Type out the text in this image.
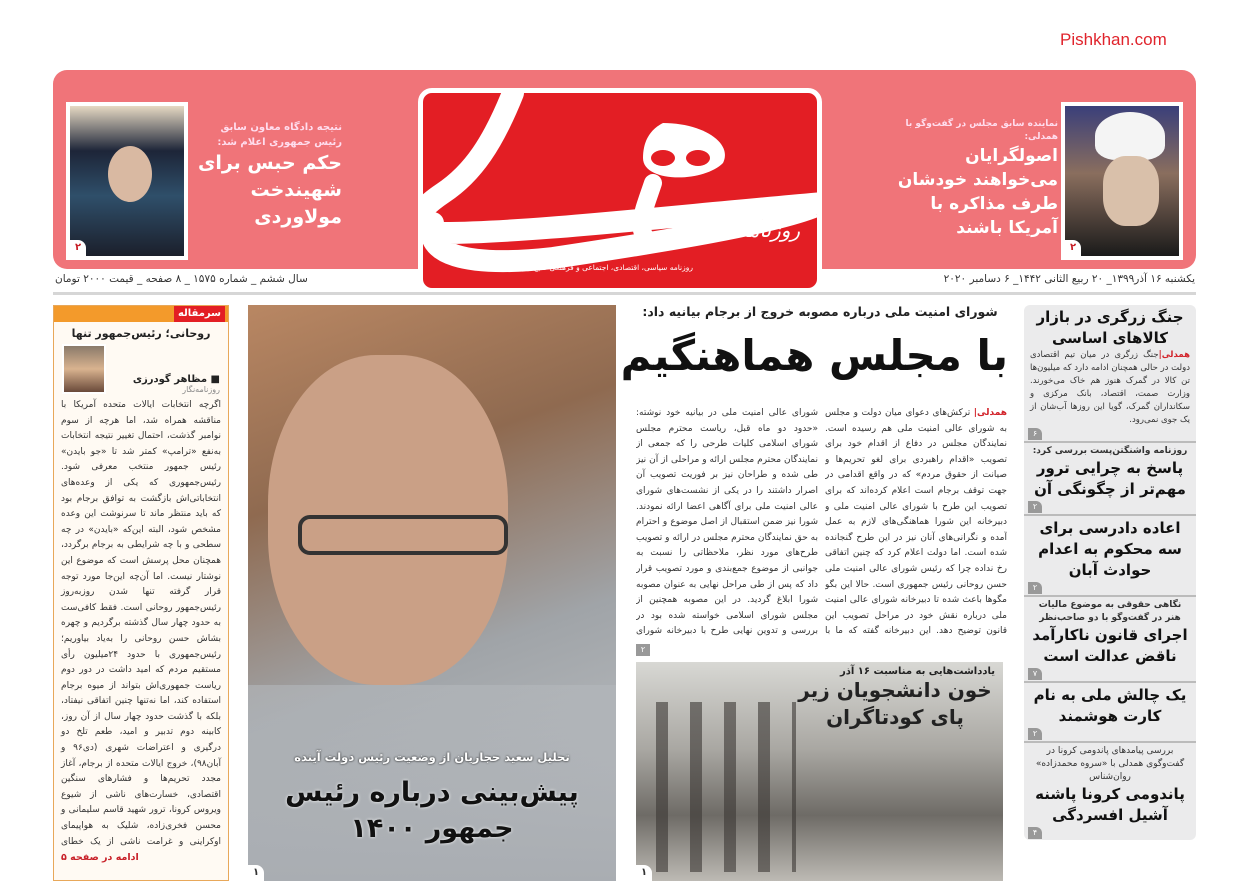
۲
نتیجه دادگاه معاون سابق رئیس جمهوری اعلام شد:
حکم حبس برای شهیندخت مولاوردی
روزنامه
روزنامه سیاسی، اقتصادی، اجتماعی و فرهنگی صبح ایران
نماینده سابق مجلس در گفت‌وگو با همدلی:
اصولگرایان می‌خواهند خودشان طرف مذاکره با آمریکا باشند
۲
سال ششم _ شماره ۱۵۷۵ _ ۸ صفحه _ قیمت ۲۰۰۰ تومان	یکشنبه ۱۶ آذر۱۳۹۹_ ۲۰ ربیع الثانی ۱۴۴۲_ ۶ دسامبر ۲۰۲۰
سرمقاله
روحانی؛ رئیس‌جمهور تنها
■ مظاهر گودرزی
روزنامه‌نگار
اگرچه انتخابات ایالات متحده آمریکا با مناقشه همراه شد، اما هرچه از سوم نوامبر گذشت، احتمال تغییر نتیجه انتخابات به‌نفع «ترامپ» کمتر شد تا «جو بایدن» رئیس جمهور منتخب معرفی شود. رئیس‌جمهوری که یکی از وعده‌های انتخاباتی‌اش بازگشت به توافق برجام بود که باید منتظر ماند تا سرنوشت این وعده مشخص شود، البته این‌که «بایدن» در چه سطحی و با چه شرایطی به برجام برگردد، همچنان محل پرسش است که موضوع این نوشتار نیست. اما آن‌چه این‌جا مورد توجه قرار گرفته تنها شدن روزبه‌روز رئیس‌جمهور روحانی است. فقط کافی‌ست به حدود چهار سال گذشته برگردیم و چهره بشاش حسن روحانی را به‌یاد بیاوریم؛ رئیس‌جمهوری با حدود ۲۴میلیون رأی مستقیم مردم که امید داشت در دور دوم ریاست جمهوری‌اش بتواند از میوه برجام استفاده کند، اما نه‌تنها چنین اتفاقی نیفتاد، بلکه با گذشت حدود چهار سال از آن روز، کابینه دوم تدبیر و امید، طعم تلخ دو درگیری و اعتراضات شهری (دی۹۶ و آبان۹۸)، خروج ایالات متحده از برجام، آغاز مجدد تحریم‌ها و فشارهای سنگین اقتصادی، خسارت‌های ناشی از شیوع ویروس کرونا، ترور شهید قاسم سلیمانی و محسن فخری‌زاده، شلیک به هواپیمای اوکراینی و غرامت ناشی از یک خطای
ادامه در صفحه ۵
تحلیل سعید حجاریان از وضعیت رئیس دولت آینده
پیش‌بینی درباره رئیس جمهور ۱۴۰۰
۱
شورای امنیت ملی درباره مصوبه خروج از برجام بیانیه داد:
با مجلس هماهنگیم
همدلی| ترکش‌های دعوای میان دولت و مجلس به شورای عالی امنیت ملی هم رسیده است. نمایندگان مجلس در دفاع از اقدام خود برای تصویب «اقدام راهبردی برای لغو تحریم‌ها و صیانت از حقوق مردم» که در واقع اقدامی در جهت توقف برجام است اعلام کرده‌اند که برای تصویب این طرح با شورای عالی امنیت ملی و دبیرخانه این شورا هماهنگی‌های لازم به عمل آمده و نگرانی‌های آنان نیز در این طرح گنجانده شده است. اما دولت اعلام کرد که چنین اتفاقی رخ نداده چرا که رئیس شورای عالی امنیت ملی حسن روحانی رئیس جمهوری است. حالا این بگو مگوها باعث شده تا دبیرخانه شورای عالی امنیت ملی درباره نقش خود در مراحل تصویب این قانون توضیح دهد. این دبیرخانه گفته که ما با
شورای عالی امنیت ملی در بیانیه خود نوشته: «حدود دو ماه قبل، ریاست محترم مجلس شورای اسلامی کلیات طرحی را که جمعی از نمایندگان محترم مجلس ارائه و مراحلی از آن نیز طی شده و طراحان نیز بر فوریت تصویب آن اصرار داشتند را در یکی از نشست‌های شورای عالی امنیت ملی برای آگاهی اعضا ارائه نمودند. شورا نیز ضمن استقبال از اصل موضوع و احترام به حق نمایندگان محترم مجلس در ارائه و تصویب طرح‌های مورد نظر، ملاحظاتی را نسبت به جوانبی از موضوع جمع‌بندی و مورد تصویب قرار داد که پس از طی مراحل نهایی به عنوان مصوبه شورا ابلاغ گردید. در این مصوبه همچنین از مجلس شورای اسلامی خواسته شده بود در بررسی و تدوین نهایی طرح با دبیرخانه شورای
۲
یادداشت‌هایی به مناسبت ۱۶ آذر
خون دانشجویان زیر پای کودتاگران
۱
جنگ زرگری در بازار کالاهای اساسی
همدلی|جنگ زرگری در میان تیم اقتصادی دولت در حالی همچنان ادامه دارد که میلیون‌ها تن کالا در گمرک هنوز هم خاک می‌خورند. وزارت صمت، اقتصاد، بانک مرکزی و سکانداران گمرک، گویا این روزها آب‌شان از یک جوی نمی‌رود.
۶
روزنامه واشنگتن‌پست بررسی کرد:
پاسخ به چرایی ترور مهم‌تر از چگونگی آن
۲
اعاده دادرسی برای سه محکوم به اعدام حوادث آبان
۲
نگاهی حقوقی به موضوع مالیات هنر در گفت‌وگو با دو صاحب‌نظر
اجرای قانون ناکارآمد ناقض عدالت است
۷
یک چالش ملی به نام کارت هوشمند
۲
بررسی پیامدهای پاندومی کرونا در گفت‌وگوی همدلی با «سروه محمدزاده» روان‌شناس
پاندومی کرونا پاشنه آشیل افسردگی
۴
Pishkhan.com
